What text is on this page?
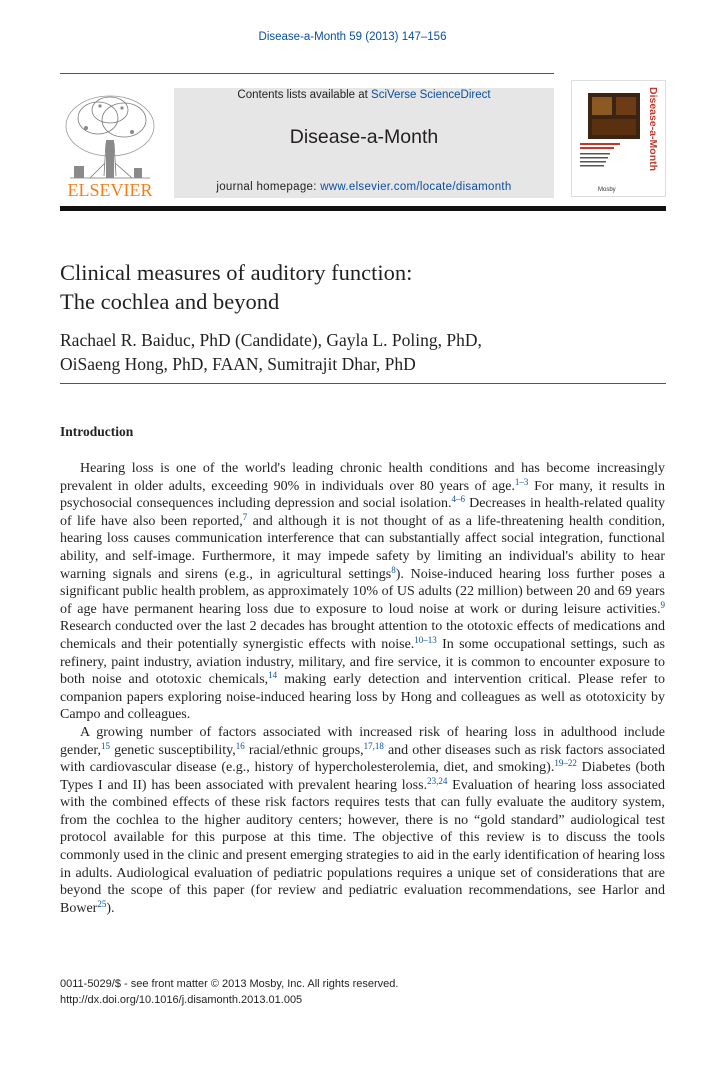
Disease-a-Month 59 (2013) 147–156
ELSEVIER
Contents lists available at SciVerse ScienceDirect
Disease-a-Month
journal homepage: www.elsevier.com/locate/disamonth
Disease-a-Month
Mosby
Clinical measures of auditory function:
The cochlea and beyond
Rachael R. Baiduc, PhD (Candidate), Gayla L. Poling, PhD,
OiSaeng Hong, PhD, FAAN, Sumitrajit Dhar, PhD
Introduction

Hearing loss is one of the world's leading chronic health conditions and has become increasingly prevalent in older adults, exceeding 90% in individuals over 80 years of age.$^{1-3}$ For many, it results in psychosocial consequences including depression and social isolation.$^{4-6}$ Decreases in health-related quality of life have also been reported,$^7$ and although it is not thought of as a life-threatening health condition, hearing loss causes communication interference that can substantially affect social integration, functional ability, and self-image. Furthermore, it may impede safety by limiting an individual's ability to hear warning signals and sirens (e.g., in agricultural settings$^8$). Noise-induced hearing loss further poses a significant public health problem, as approximately 10% of US adults (22 million) between 20 and 69 years of age have permanent hearing loss due to exposure to loud noise at work or during leisure activities.$^9$ Research conducted over the last 2 decades has brought attention to the ototoxic effects of medications and chemicals and their potentially synergistic effects with noise.$^{10-13}$ In some occupational settings, such as refinery, paint industry, aviation industry, military, and fire service, it is common to encounter exposure to both noise and ototoxic chemicals,$^{14}$ making early detection and intervention critical. Please refer to companion papers exploring noise-induced hearing loss by Hong and colleagues as well as ototoxicity by Campo and colleagues.

A growing number of factors associated with increased risk of hearing loss in adulthood include gender,$^{15}$ genetic susceptibility,$^{16}$ racial/ethnic groups,$^{17,18}$ and other diseases such as risk factors associated with cardiovascular disease (e.g., history of hypercholesterolemia, diet, and smoking).$^{19-22}$ Diabetes (both Types I and II) has been associated with prevalent hearing loss.$^{23,24}$ Evaluation of hearing loss associated with the combined effects of these risk factors requires tests that can fully evaluate the auditory system, from the cochlea to the higher auditory centers; however, there is no “gold standard” audiological test protocol available for this purpose at this time. The objective of this review is to discuss the tools commonly used in the clinic and present emerging strategies to aid in the early identification of hearing loss in adults. Audiological evaluation of pediatric populations requires a unique set of considerations that are beyond the scope of this paper (for review and pediatric evaluation recommendations, see Harlor and Bower$^{25}$).

0011-5029/$ - see front matter © 2013 Mosby, Inc. All rights reserved.
http://dx.doi.org/10.1016/j.disamonth.2013.01.005
